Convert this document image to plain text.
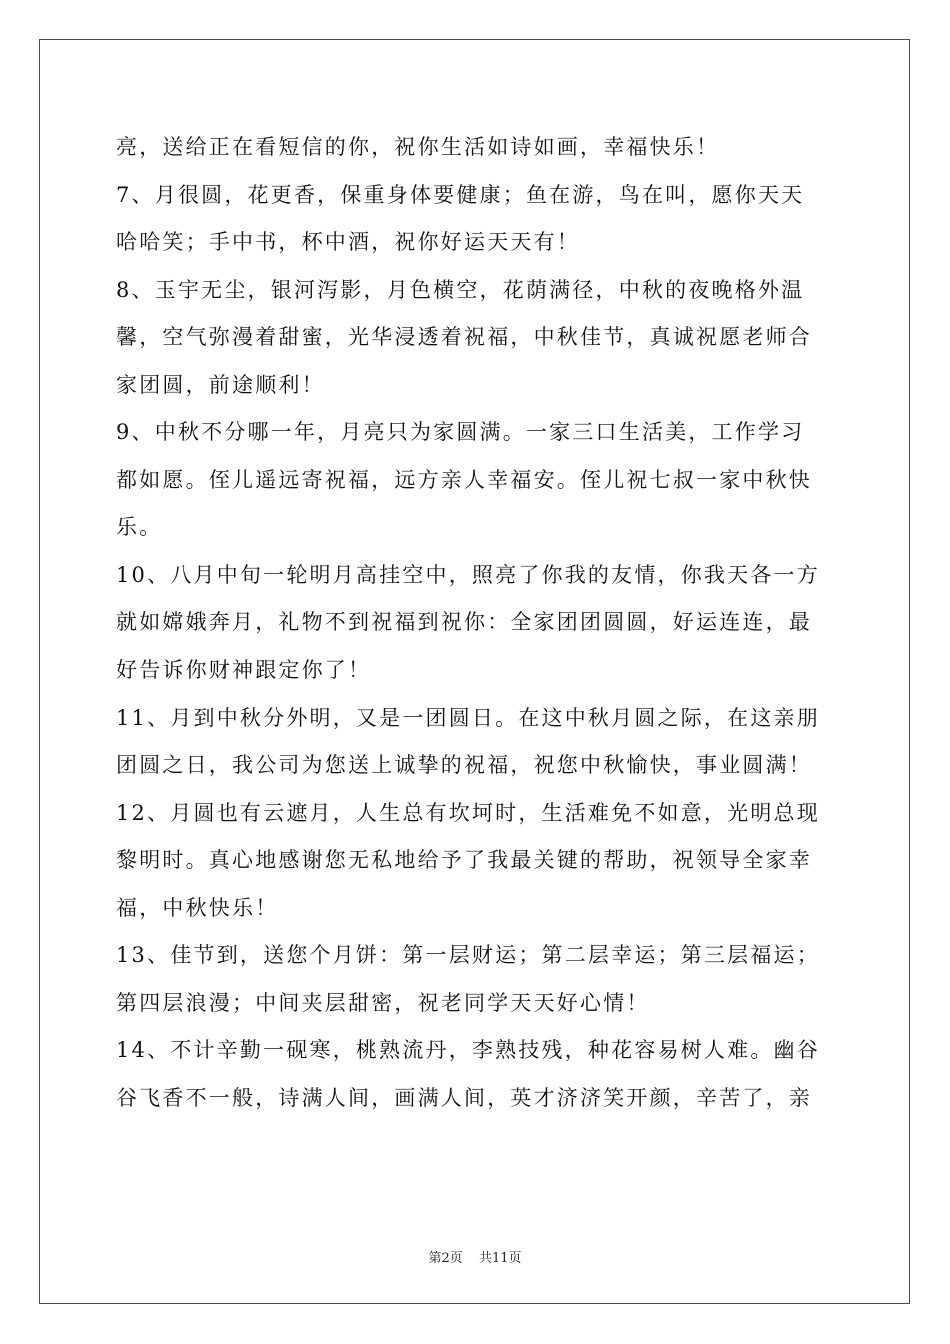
亮，送给正在看短信的你，祝你生活如诗如画，幸福快乐！
7、月很圆，花更香，保重身体要健康；鱼在游，鸟在叫，愿你天天
哈哈笑；手中书，杯中酒，祝你好运天天有！
8、玉宇无尘，银河泻影，月色横空，花荫满径，中秋的夜晚格外温
馨，空气弥漫着甜蜜，光华浸透着祝福，中秋佳节，真诚祝愿老师合
家团圆，前途顺利！
9、中秋不分哪一年，月亮只为家圆满。一家三口生活美，工作学习
都如愿。侄儿遥远寄祝福，远方亲人幸福安。侄儿祝七叔一家中秋快
乐。
10、八月中旬一轮明月高挂空中，照亮了你我的友情，你我天各一方
就如嫦娥奔月，礼物不到祝福到祝你：全家团团圆圆，好运连连，最
好告诉你财神跟定你了！
11、月到中秋分外明，又是一团圆日。在这中秋月圆之际，在这亲朋
团圆之日，我公司为您送上诚挚的祝福，祝您中秋愉快，事业圆满！
12、月圆也有云遮月，人生总有坎坷时，生活难免不如意，光明总现
黎明时。真心地感谢您无私地给予了我最关键的帮助，祝领导全家幸
福，中秋快乐！
13、佳节到，送您个月饼：第一层财运；第二层幸运；第三层福运；
第四层浪漫；中间夹层甜密，祝老同学天天好心情！
14、不计辛勤一砚寒，桃熟流丹，李熟技残，种花容易树人难。幽谷
谷飞香不一般，诗满人间，画满人间，英才济济笑开颜，辛苦了，亲
第2页 共11页
